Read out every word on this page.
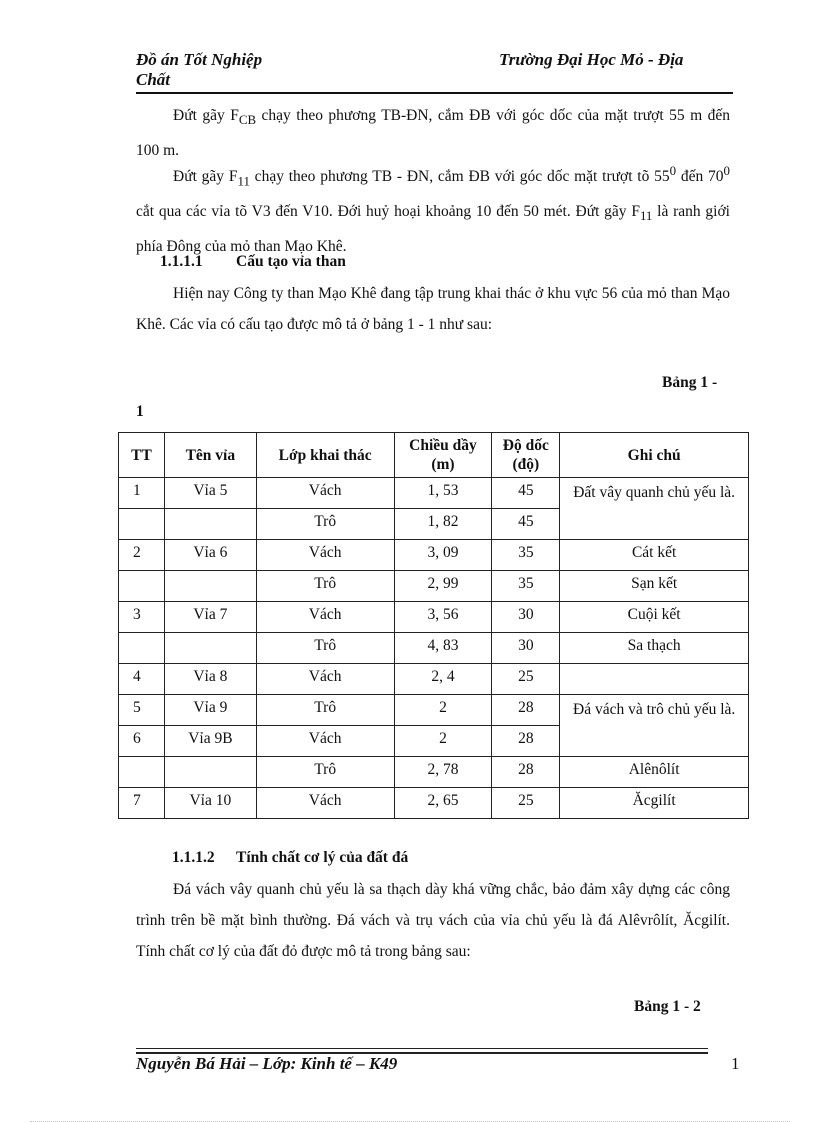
Đồ án Tốt Nghiệp
Chất
Trường Đại Học Mỏ - Địa

Đứt gãy $F_{CB}$ chạy theo phương TB-ĐN, cắm ĐB với góc dốc của mặt trượt 55 m đến 100 m.

Đứt gãy $F_{11}$ chạy theo phương TB - ĐN, cắm ĐB với góc dốc mặt trượt tõ $55^0$ đến $70^0$ cắt qua các vỉa tõ V3 đến V10. Đới huỷ hoại khoảng 10 đến 50 mét. Đứt gãy $F_{11}$ là ranh giới phía Đông của mỏ than Mạo Khê.

1.1.1.1 Cấu tạo vỉa than

Hiện nay Công ty than Mạo Khê đang tập trung khai thác ở khu vực 56 của mỏ than Mạo Khê. Các vỉa có cấu tạo được mô tả ở bảng 1 - 1 như sau:

Bảng 1 -
1
TT	Tên vỉa	Lớp khai thác	Chiều dầy (m)	Độ dốc (độ)	Ghi chú
1	Vỉa 5	Vách	1, 53	45	Đất vây quanh chủ yếu là.
		Trô	1, 82	45	
2	Vỉa 6	Vách	3, 09	35	Cát kết
		Trô	2, 99	35	Sạn kết
3	Vỉa 7	Vách	3, 56	30	Cuội kết
		Trô	4, 83	30	Sa thạch
4	Vỉa 8	Vách	2, 4	25	
5	Vỉa 9	Trô	2	28	Đá vách và trô chủ yếu là.
6	Vỉa 9B	Vách	2	28	
		Trô	2, 78	28	Alênôlít
7	Vỉa 10	Vách	2, 65	25	Ăcgilít
1.1.1.2 Tính chất cơ lý của đất đá

Đá vách vây quanh chủ yếu là sa thạch dày khá vững chắc, bảo đảm xây dựng các công trình trên bề mặt bình thường. Đá vách và trụ vách của vỉa chủ yếu là đá Alêvrôlít, Ăcgilít. Tính chất cơ lý của đất đỏ được mô tả trong bảng sau:

Bảng 1 - 2
Nguyễn Bá Hải – Lớp: Kinh tế – K49	1
